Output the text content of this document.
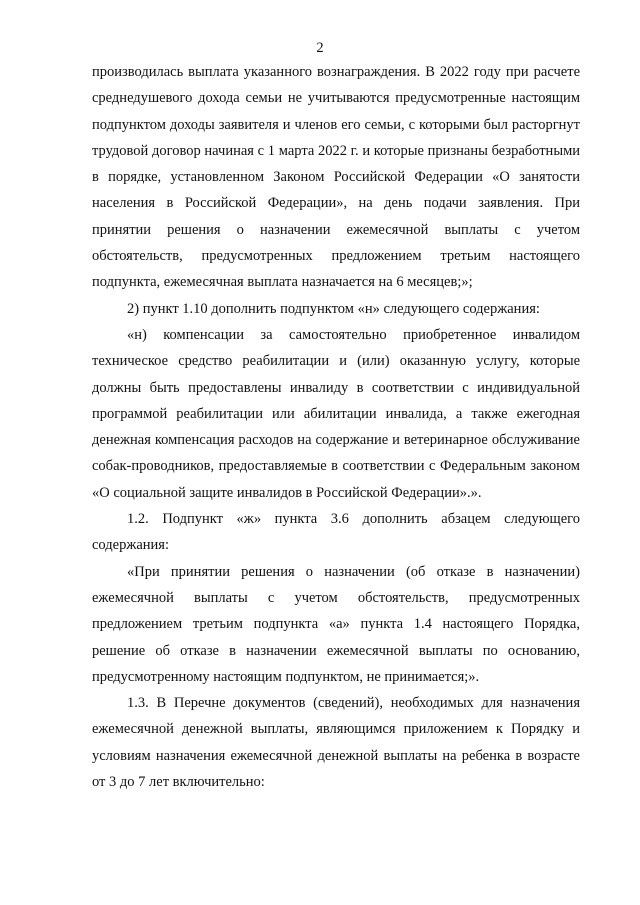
2

производилась выплата указанного вознаграждения. В 2022 году при расчете среднедушевого дохода семьи не учитываются предусмотренные настоящим подпунктом доходы заявителя и членов его семьи, с которыми был расторгнут трудовой договор начиная с 1 марта 2022 г. и которые признаны безработными в порядке, установленном Законом Российской Федерации «О занятости населения в Российской Федерации», на день подачи заявления. При принятии решения о назначении ежемесячной выплаты с учетом обстоятельств, предусмотренных предложением третьим настоящего подпункта, ежемесячная выплата назначается на 6 месяцев;»;

2) пункт 1.10 дополнить подпунктом «н» следующего содержания:

«н) компенсации за самостоятельно приобретенное инвалидом техническое средство реабилитации и (или) оказанную услугу, которые должны быть предоставлены инвалиду в соответствии с индивидуальной программой реабилитации или абилитации инвалида, а также ежегодная денежная компенсация расходов на содержание и ветеринарное обслуживание собак-проводников, предоставляемые в соответствии с Федеральным законом «О социальной защите инвалидов в Российской Федерации».».

1.2. Подпункт «ж» пункта 3.6 дополнить абзацем следующего содержания:

«При принятии решения о назначении (об отказе в назначении) ежемесячной выплаты с учетом обстоятельств, предусмотренных предложением третьим подпункта «а» пункта 1.4 настоящего Порядка, решение об отказе в назначении ежемесячной выплаты по основанию, предусмотренному настоящим подпунктом, не принимается;».

1.3. В Перечне документов (сведений), необходимых для назначения ежемесячной денежной выплаты, являющимся приложением к Порядку и условиям назначения ежемесячной денежной выплаты на ребенка в возрасте от 3 до 7 лет включительно:
